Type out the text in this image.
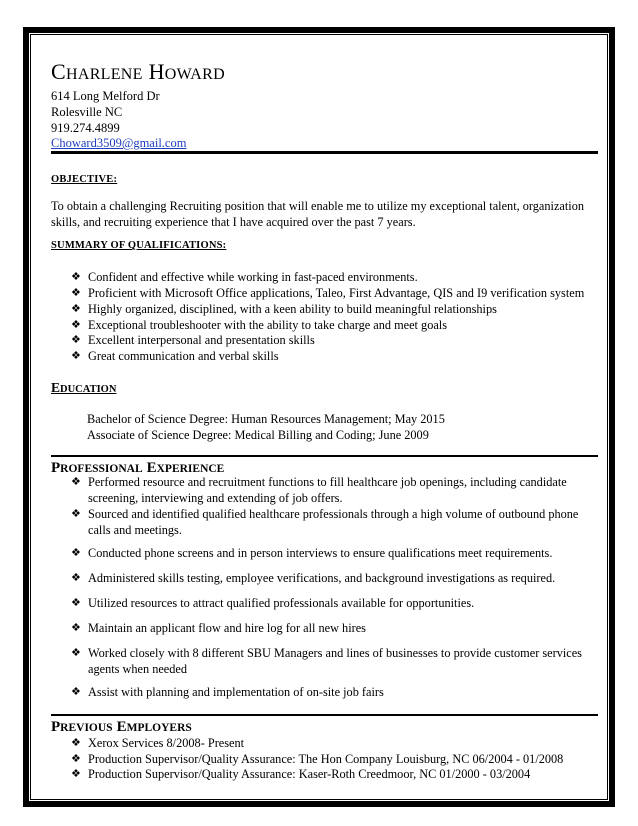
CHARLENE HOWARD
614 Long Melford Dr
Rolesville NC
919.274.4899
Choward3509@gmail.com
OBJECTIVE:
To obtain a challenging Recruiting position that will enable me to utilize my exceptional talent, organization skills, and recruiting experience that I have acquired over the past 7 years.
SUMMARY OF QUALIFICATIONS:
❖ Confident and effective while working in fast-paced environments.
❖ Proficient with Microsoft Office applications, Taleo, First Advantage, QIS and I9 verification system
❖ Highly organized, disciplined, with a keen ability to build meaningful relationships
❖ Exceptional troubleshooter with the ability to take charge and meet goals
❖ Excellent interpersonal and presentation skills
❖ Great communication and verbal skills
EDUCATION
Bachelor of Science Degree: Human Resources Management; May 2015
Associate of Science Degree: Medical Billing and Coding; June 2009
PROFESSIONAL EXPERIENCE
❖ Performed resource and recruitment functions to fill healthcare job openings, including candidate screening, interviewing and extending of job offers.
❖ Sourced and identified qualified healthcare professionals through a high volume of outbound phone calls and meetings.
❖ Conducted phone screens and in person interviews to ensure qualifications meet requirements.
❖ Administered skills testing, employee verifications, and background investigations as required.
❖ Utilized resources to attract qualified professionals available for opportunities.
❖ Maintain an applicant flow and hire log for all new hires
❖ Worked closely with 8 different SBU Managers and lines of businesses to provide customer services agents when needed
❖ Assist with planning and implementation of on-site job fairs
PREVIOUS EMPLOYERS
❖ Xerox Services 8/2008- Present
❖ Production Supervisor/Quality Assurance: The Hon Company Louisburg, NC 06/2004 - 01/2008
❖ Production Supervisor/Quality Assurance: Kaser-Roth Creedmoor, NC 01/2000 - 03/2004
